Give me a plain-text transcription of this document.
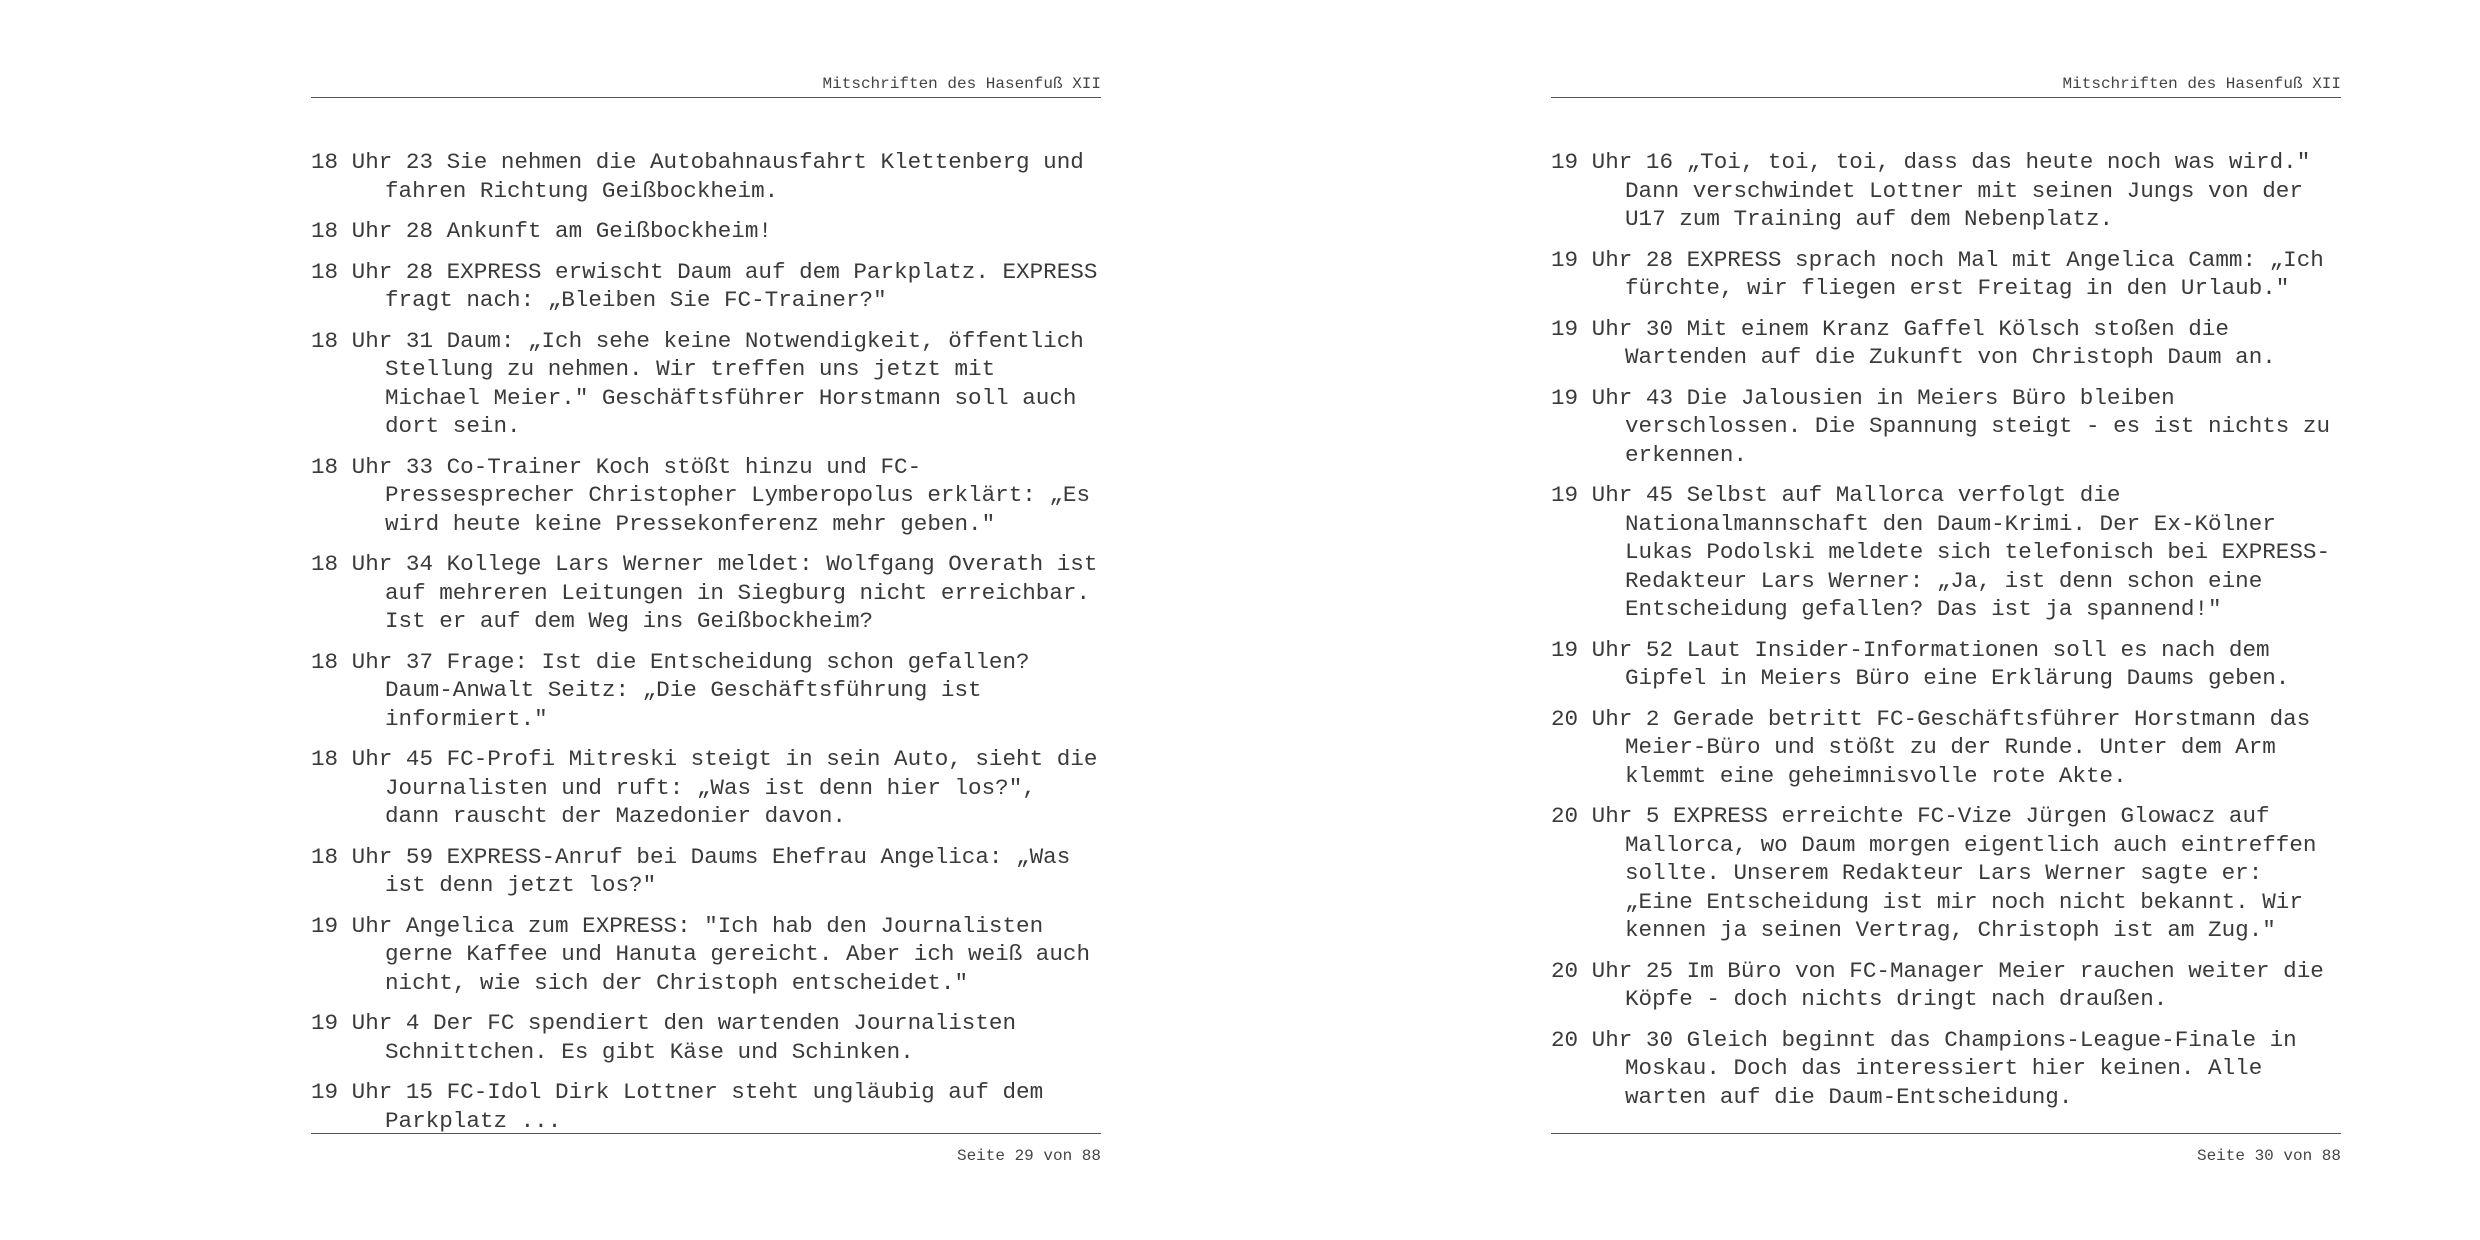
Mitschriften des Hasenfuß XII
18 Uhr 23 Sie nehmen die Autobahnausfahrt Klettenberg und fahren Richtung Geißbockheim.
18 Uhr 28 Ankunft am Geißbockheim!
18 Uhr 28 EXPRESS erwischt Daum auf dem Parkplatz. EXPRESS fragt nach: „Bleiben Sie FC-Trainer?"
18 Uhr 31 Daum: „Ich sehe keine Notwendigkeit, öffentlich Stellung zu nehmen. Wir treffen uns jetzt mit Michael Meier." Geschäftsführer Horstmann soll auch dort sein.
18 Uhr 33 Co-Trainer Koch stößt hinzu und FC-Pressesprecher Christopher Lymberopolus erklärt: „Es wird heute keine Pressekonferenz mehr geben."
18 Uhr 34 Kollege Lars Werner meldet: Wolfgang Overath ist auf mehreren Leitungen in Siegburg nicht erreichbar. Ist er auf dem Weg ins Geißbockheim?
18 Uhr 37 Frage: Ist die Entscheidung schon gefallen? Daum-Anwalt Seitz: „Die Geschäftsführung ist informiert."
18 Uhr 45 FC-Profi Mitreski steigt in sein Auto, sieht die Journalisten und ruft: „Was ist denn hier los?", dann rauscht der Mazedonier davon.
18 Uhr 59 EXPRESS-Anruf bei Daums Ehefrau Angelica: „Was ist denn jetzt los?"
19 Uhr Angelica zum EXPRESS: "Ich hab den Journalisten gerne Kaffee und Hanuta gereicht. Aber ich weiß auch nicht, wie sich der Christoph entscheidet."
19 Uhr 4 Der FC spendiert den wartenden Journalisten Schnittchen. Es gibt Käse und Schinken.
19 Uhr 15 FC-Idol Dirk Lottner steht ungläubig auf dem Parkplatz ...
Seite 29 von 88
Mitschriften des Hasenfuß XII
19 Uhr 16 „Toi, toi, toi, dass das heute noch was wird." Dann verschwindet Lottner mit seinen Jungs von der U17 zum Training auf dem Nebenplatz.
19 Uhr 28 EXPRESS sprach noch Mal mit Angelica Camm: „Ich fürchte, wir fliegen erst Freitag in den Urlaub."
19 Uhr 30 Mit einem Kranz Gaffel Kölsch stoßen die Wartenden auf die Zukunft von Christoph Daum an.
19 Uhr 43 Die Jalousien in Meiers Büro bleiben verschlossen. Die Spannung steigt - es ist nichts zu erkennen.
19 Uhr 45 Selbst auf Mallorca verfolgt die Nationalmannschaft den Daum-Krimi. Der Ex-Kölner Lukas Podolski meldete sich telefonisch bei EXPRESS-Redakteur Lars Werner: „Ja, ist denn schon eine Entscheidung gefallen? Das ist ja spannend!"
19 Uhr 52 Laut Insider-Informationen soll es nach dem Gipfel in Meiers Büro eine Erklärung Daums geben.
20 Uhr 2 Gerade betritt FC-Geschäftsführer Horstmann das Meier-Büro und stößt zu der Runde. Unter dem Arm klemmt eine geheimnisvolle rote Akte.
20 Uhr 5 EXPRESS erreichte FC-Vize Jürgen Glowacz auf Mallorca, wo Daum morgen eigentlich auch eintreffen sollte. Unserem Redakteur Lars Werner sagte er: „Eine Entscheidung ist mir noch nicht bekannt. Wir kennen ja seinen Vertrag, Christoph ist am Zug."
20 Uhr 25 Im Büro von FC-Manager Meier rauchen weiter die Köpfe - doch nichts dringt nach draußen.
20 Uhr 30 Gleich beginnt das Champions-League-Finale in Moskau. Doch das interessiert hier keinen. Alle warten auf die Daum-Entscheidung.
Seite 30 von 88
